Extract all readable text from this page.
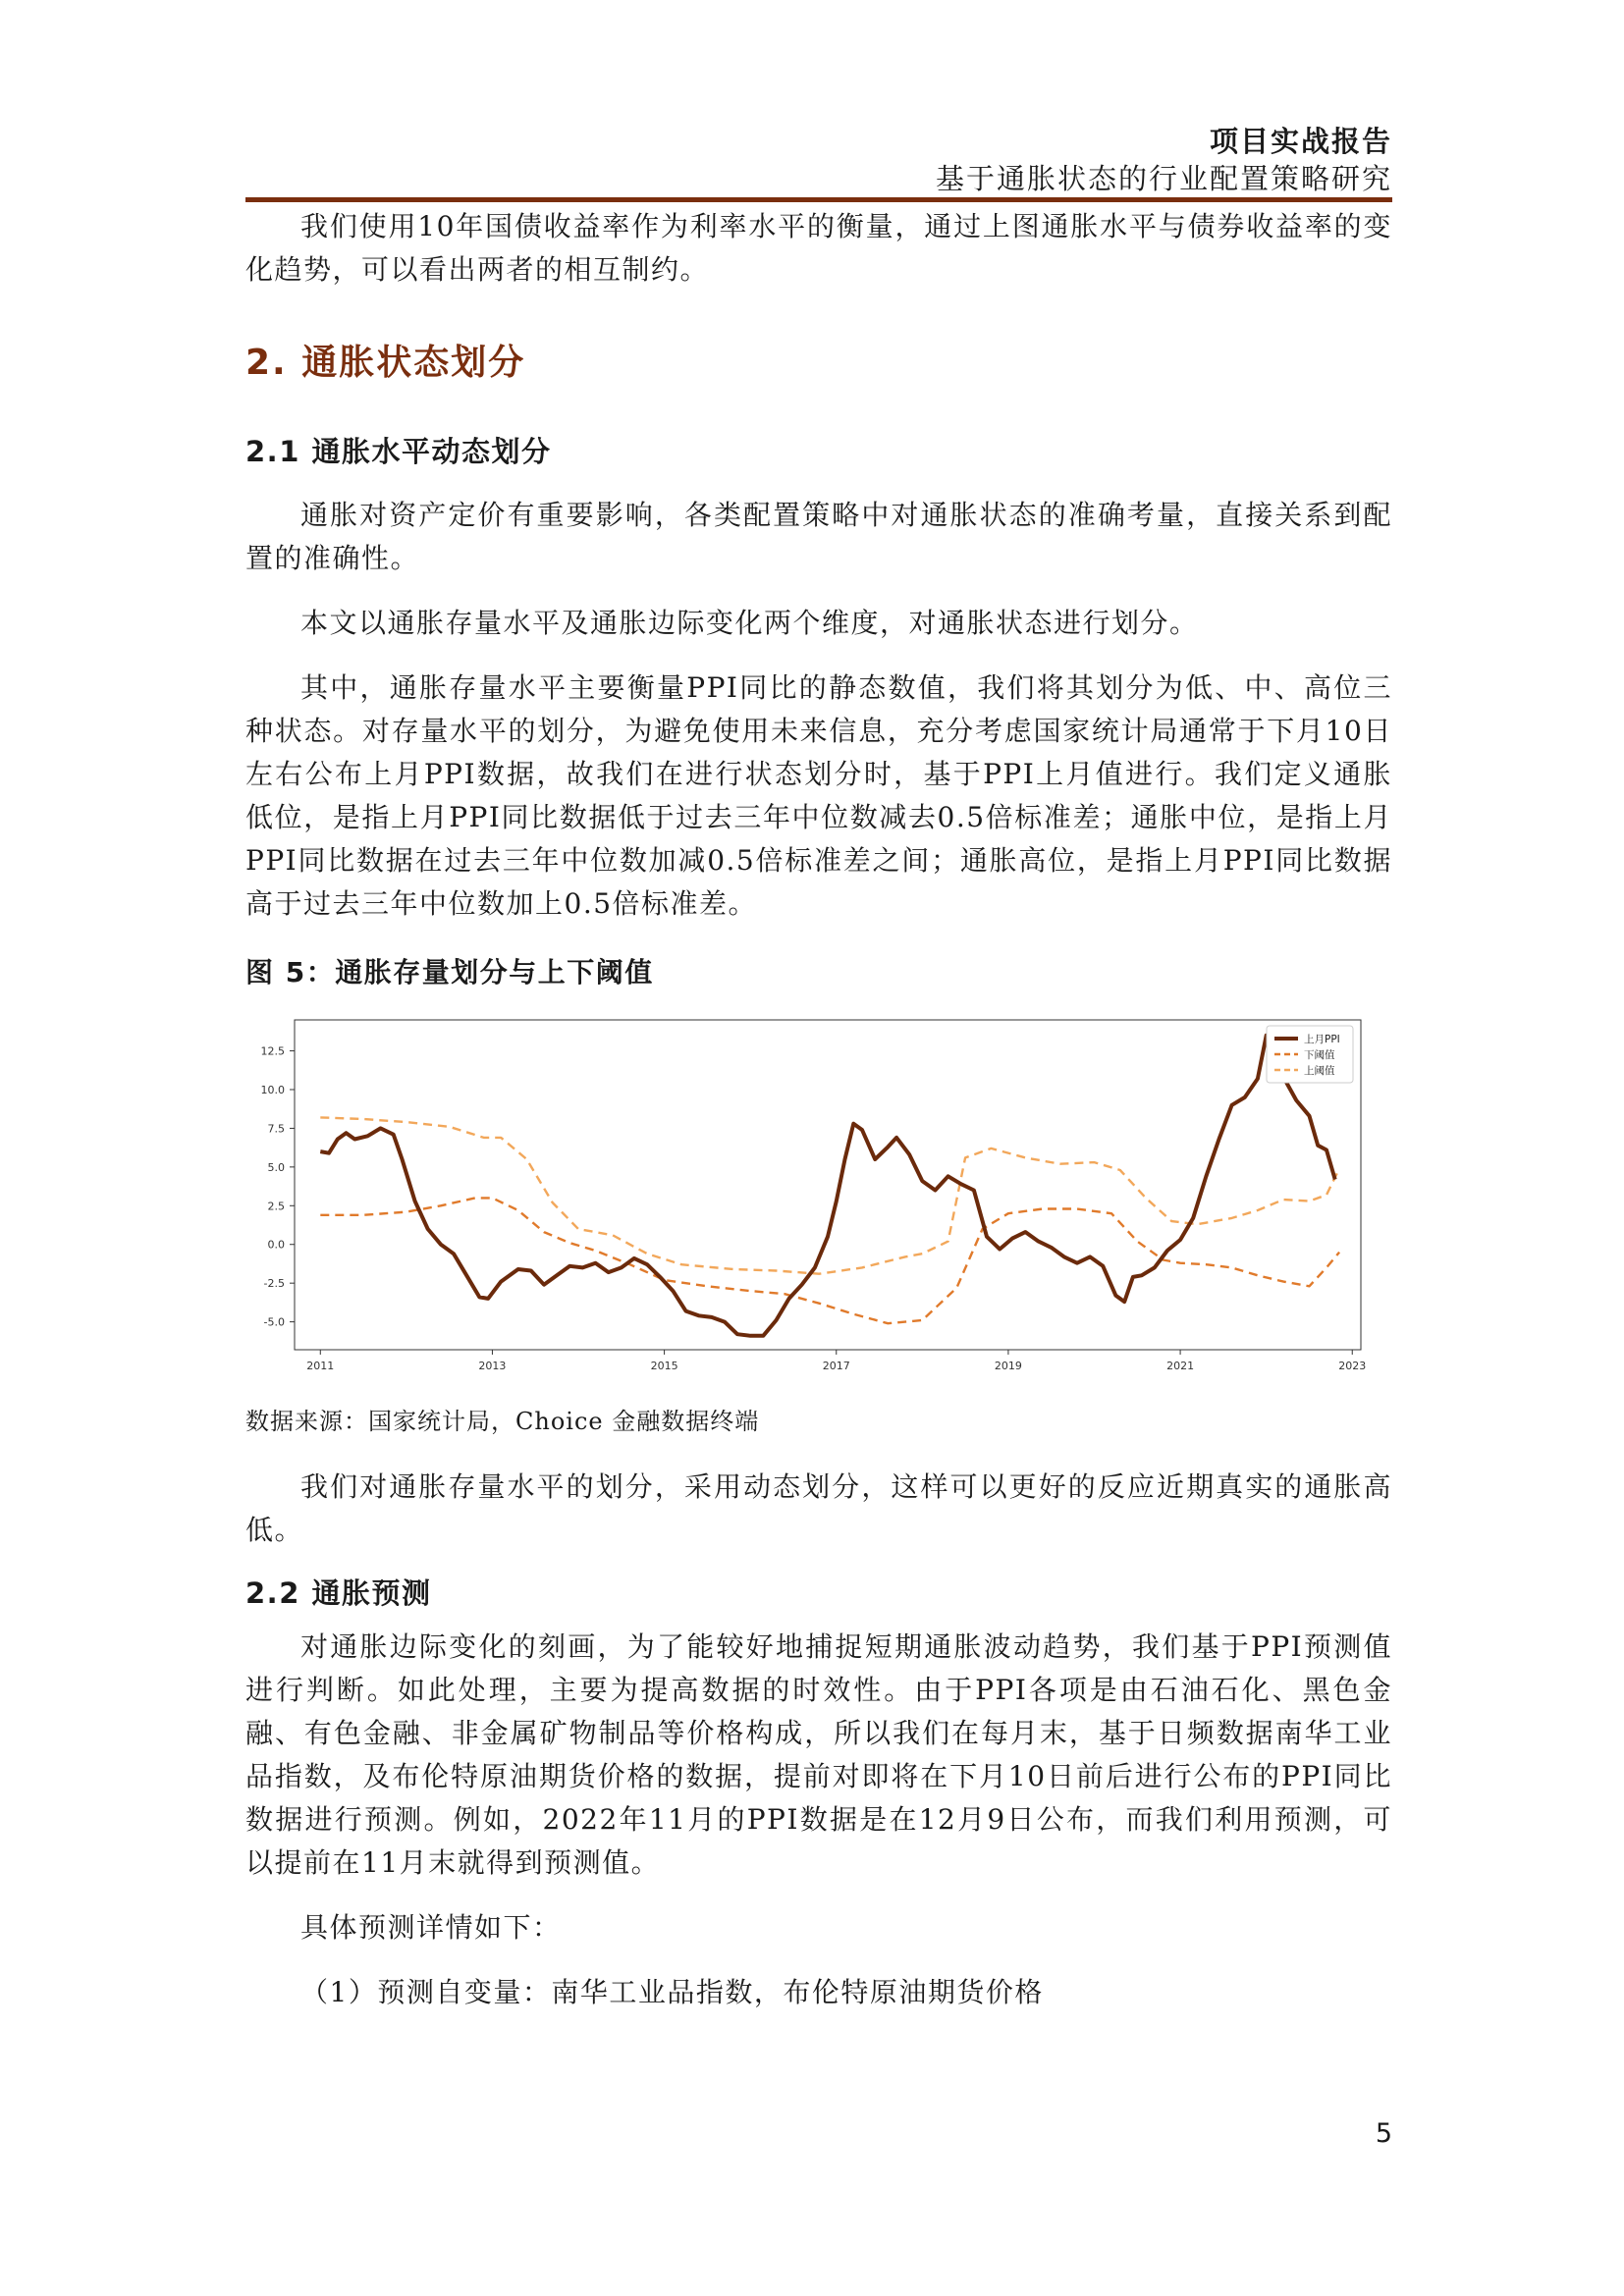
项目实战报告
基于通胀状态的行业配置策略研究

我们使用10年国债收益率作为利率水平的衡量，通过上图通胀水平与债券收益率的变化趋势，可以看出两者的相互制约。

2. 通胀状态划分
2.1 通胀水平动态划分

通胀对资产定价有重要影响，各类配置策略中对通胀状态的准确考量，直接关系到配置的准确性。

本文以通胀存量水平及通胀边际变化两个维度，对通胀状态进行划分。

其中，通胀存量水平主要衡量PPI同比的静态数值，我们将其划分为低、中、高位三种状态。对存量水平的划分，为避免使用未来信息，充分考虑国家统计局通常于下月10日左右公布上月PPI数据，故我们在进行状态划分时，基于PPI上月值进行。我们定义通胀低位，是指上月PPI同比数据低于过去三年中位数减去0.5倍标准差；通胀中位，是指上月PPI同比数据在过去三年中位数加减0.5倍标准差之间；通胀高位，是指上月PPI同比数据高于过去三年中位数加上0.5倍标准差。

图 5：通胀存量划分与上下阈值
2011	2013	2015	2017	2019	2021	2023
12.5
10.0
7.5
5.0
2.5
0.0
-2.5
-5.0
上月PPI
下阈值
上阈值
数据来源：国家统计局，Choice 金融数据终端

我们对通胀存量水平的划分，采用动态划分，这样可以更好的反应近期真实的通胀高低。

2.2 通胀预测

对通胀边际变化的刻画，为了能较好地捕捉短期通胀波动趋势，我们基于PPI预测值进行判断。如此处理，主要为提高数据的时效性。由于PPI各项是由石油石化、黑色金融、有色金融、非金属矿物制品等价格构成，所以我们在每月末，基于日频数据南华工业品指数，及布伦特原油期货价格的数据，提前对即将在下月10日前后进行公布的PPI同比数据进行预测。例如，2022年11月的PPI数据是在12月9日公布，而我们利用预测，可以提前在11月末就得到预测值。

具体预测详情如下：

（1）预测自变量：南华工业品指数，布伦特原油期货价格

5
